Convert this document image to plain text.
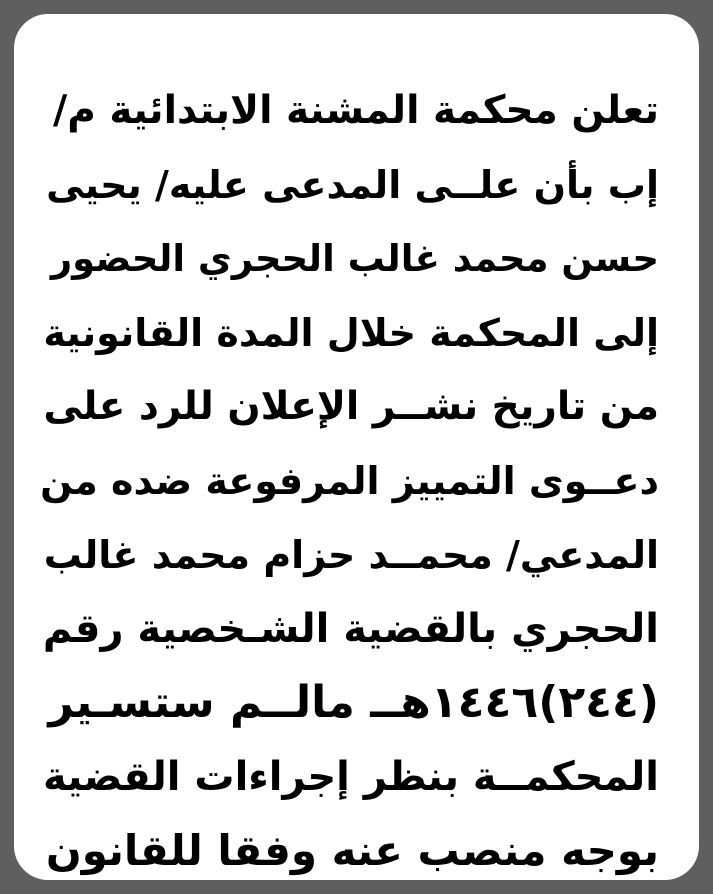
تعلن محكمة المشنة الابتدائية م/
إب بأن علــى المدعى عليه/ يحيى
حسن محمد غالب الحجري الحضور
إلى المحكمة خلال المدة القانونية
من تاريخ نشــر الإعلان للرد على
دعــوى التمييز المرفوعة ضده من
المدعي/ محمــد حزام محمد غالب
الحجري بالقضية الشـخصية رقم
(٢٤٤)١٤٤٦هــ مالــم ستسـير
المحكمــة بنظر إجراءات القضية
بوجه منصب عنه وفقا للقانون
